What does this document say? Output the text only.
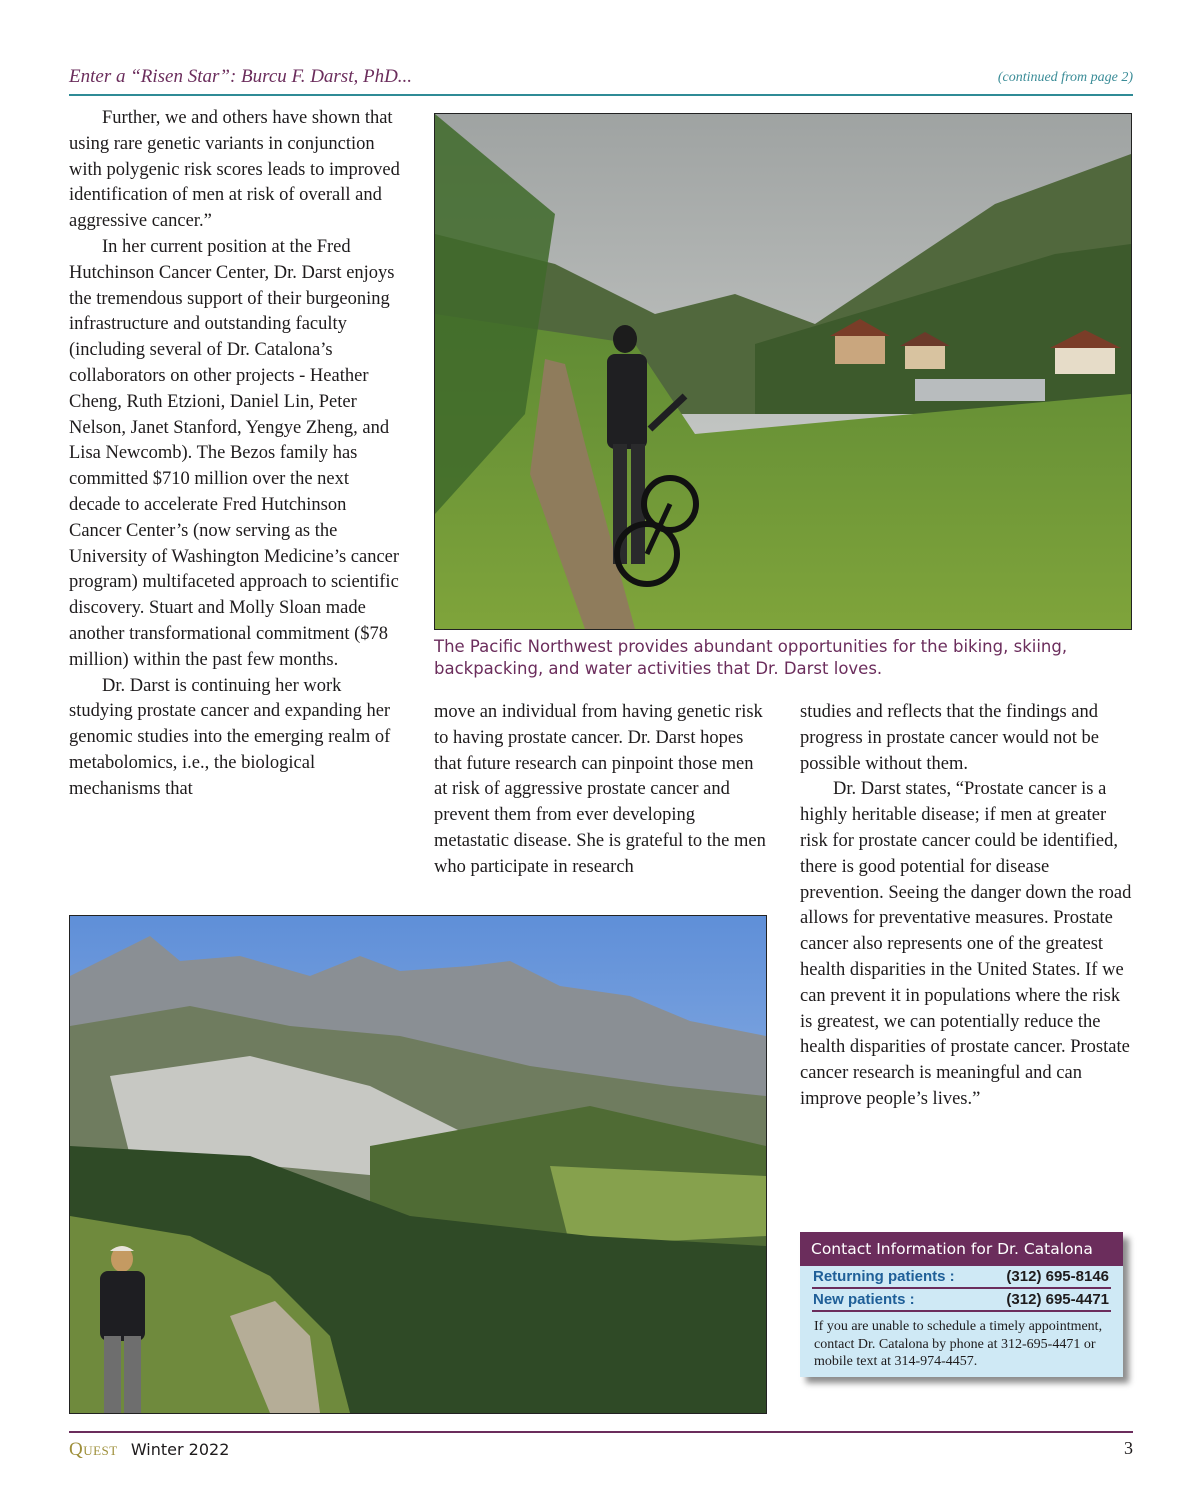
Enter a “Risen Star”: Burcu F. Darst, PhD...	(continued from page 2)

Further, we and others have shown that using rare genetic variants in conjunction with polygenic risk scores leads to improved identification of men at risk of overall and aggressive cancer.”

In her current position at the Fred Hutchinson Cancer Center, Dr. Darst enjoys the tremendous support of their burgeoning infrastructure and outstanding faculty (including several of Dr. Catalona’s collaborators on other projects - Heather Cheng, Ruth Etzioni, Daniel Lin, Peter Nelson, Janet Stanford, Yengye Zheng, and Lisa Newcomb). The Bezos family has committed $710 million over the next decade to accelerate Fred Hutchinson Cancer Center’s (now serving as the University of Washington Medicine’s cancer program) multifaceted approach to scientific discovery. Stuart and Molly Sloan made another transformational commitment ($78 million) within the past few months.

Dr. Darst is continuing her work studying prostate cancer and expanding her genomic studies into the emerging realm of metabolomics, i.e., the biological mechanisms that

The Pacific Northwest provides abundant opportunities for the biking, skiing, backpacking, and water activities that Dr. Darst loves.

move an individual from having genetic risk to having prostate cancer. Dr. Darst hopes that future research can pinpoint those men at risk of aggressive prostate cancer and prevent them from ever developing metastatic disease. She is grateful to the men who participate in research

studies and reflects that the findings and progress in prostate cancer would not be possible without them.

Dr. Darst states, “Prostate cancer is a highly heritable disease; if men at greater risk for prostate cancer could be identified, there is good potential for disease prevention. Seeing the danger down the road allows for preventative measures. Prostate cancer also represents one of the greatest health disparities in the United States. If we can prevent it in populations where the risk is greatest, we can potentially reduce the health disparities of prostate cancer. Prostate cancer research is meaningful and can improve people’s lives.”

Contact Information for Dr. Catalona
Returning patients :	(312) 695-8146
New patients :	(312) 695-4471
If you are unable to schedule a timely appointment, contact Dr. Catalona by phone at 312-695-4471 or mobile text at 314-974-4457.
Quest Winter 2022	3
